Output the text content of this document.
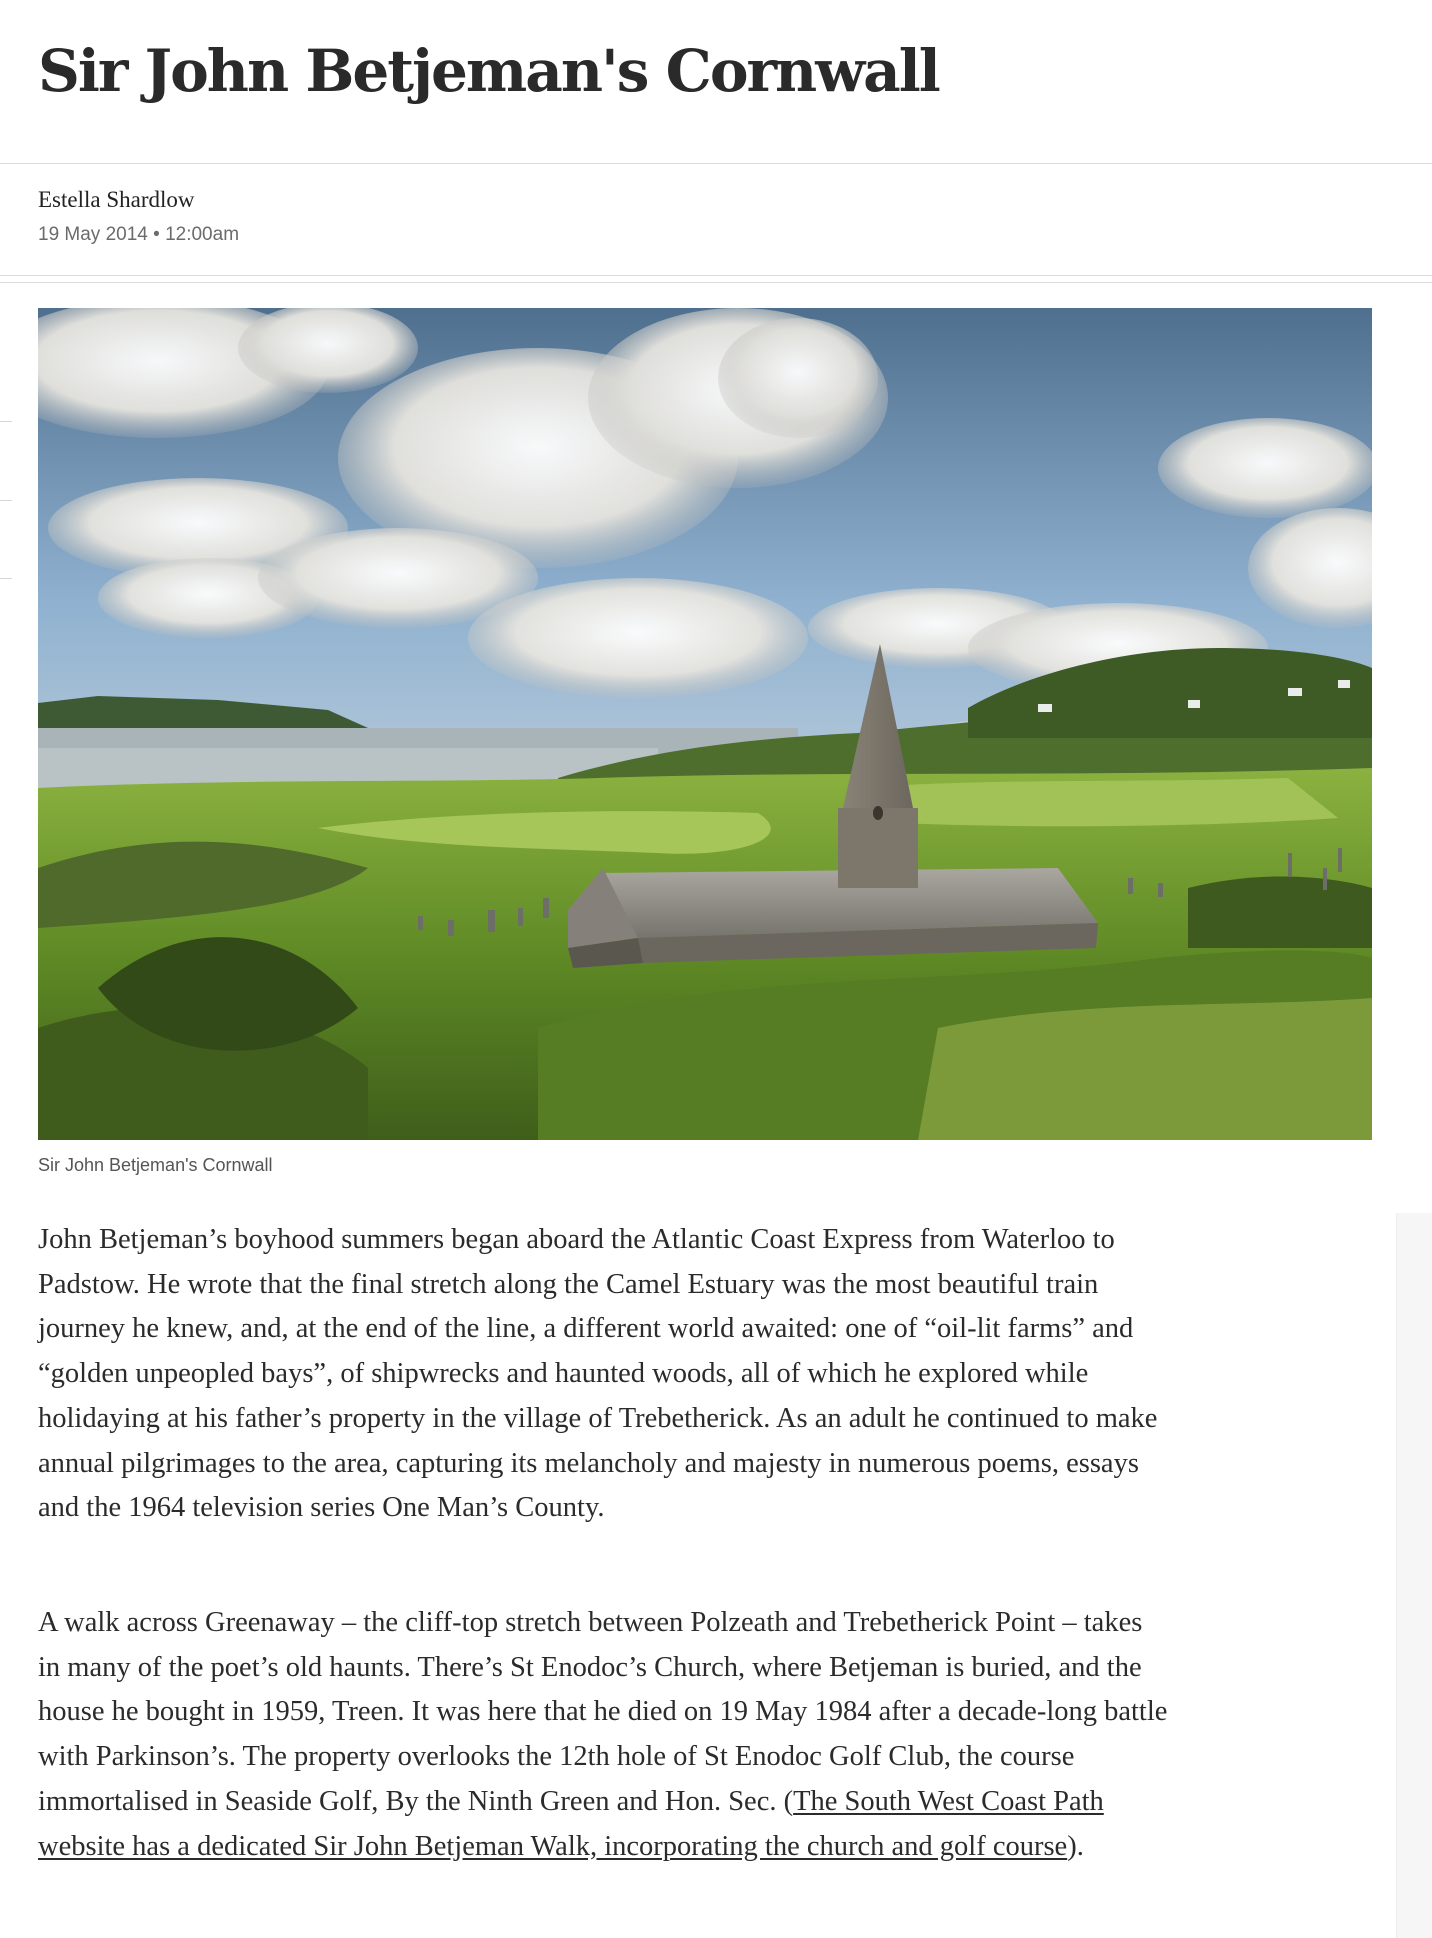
Sir John Betjeman's Cornwall
Estella Shardlow
19 May 2014 • 12:00am
Sir John Betjeman's Cornwall

John Betjeman’s boyhood summers began aboard the Atlantic Coast Express from Waterloo to Padstow. He wrote that the final stretch along the Camel Estuary was the most beautiful train journey he knew, and, at the end of the line, a different world awaited: one of “oil-lit farms” and “golden unpeopled bays”, of shipwrecks and haunted woods, all of which he explored while holidaying at his father’s property in the village of Trebetherick. As an adult he continued to make annual pilgrimages to the area, capturing its melancholy and majesty in numerous poems, essays and the 1964 television series One Man’s County.

A walk across Greenaway – the cliff-top stretch between Polzeath and Trebetherick Point – takes in many of the poet’s old haunts. There’s St Enodoc’s Church, where Betjeman is buried, and the house he bought in 1959, Treen. It was here that he died on 19 May 1984 after a decade-long battle with Parkinson’s. The property overlooks the 12th hole of St Enodoc Golf Club, the course immortalised in Seaside Golf, By the Ninth Green and Hon. Sec. (The South West Coast Path website has a dedicated Sir John Betjeman Walk, incorporating the church and golf course).
